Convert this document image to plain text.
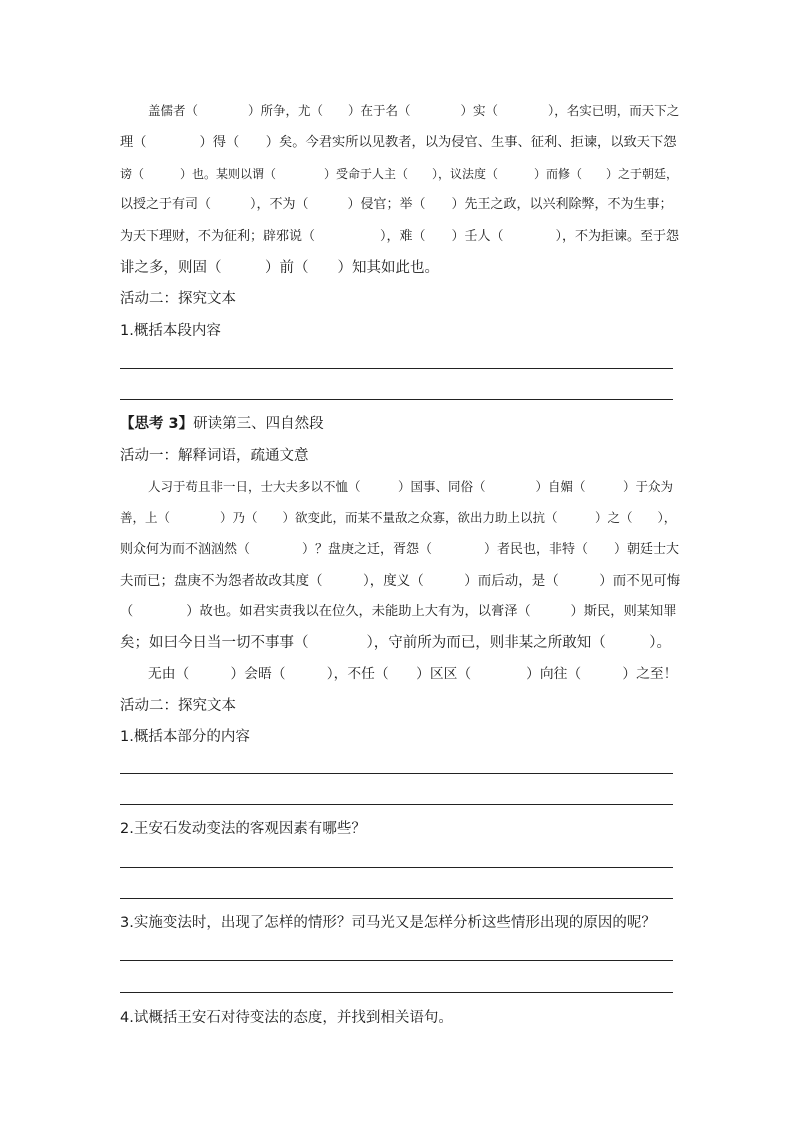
盖儒者（　　　　）所争，尤（　　）在于名（　　　　）实（　　　　），名实已明，而天下之
理（　　　　）得（　　）矣。今君实所以见教者，以为侵官、生事、征利、拒谏，以致天下怨
谤（　　　）也。某则以谓（　　　　）受命于人主（　　），议法度（　　　）而修（　　）之于朝廷，
以授之于有司（　　　），不为（　　　）侵官；举（　　）先王之政，以兴利除弊，不为生事；
为天下理财，不为征利；辟邪说（　　　　　），难（　　）壬人（　　　　），不为拒谏。至于怨
诽之多，则固（　　　）前（　　）知其如此也。
活动二：探究文本
1.概括本段内容
【思考 3】研读第三、四自然段
活动一：解释词语，疏通文意
人习于苟且非一日，士大夫多以不恤（　　　）国事、同俗（　　　　）自媚（　　　）于众为
善，上（　　　　）乃（　　）欲变此，而某不量敌之众寡，欲出力助上以抗（　　　）之（　　），
则众何为而不汹汹然（　　　　）？盘庚之迁，胥怨（　　　　）者民也，非特（　　）朝廷士大
夫而已；盘庚不为怨者故改其度（　　　），度义（　　　）而后动，是（　　　）而不见可悔
（　　　　）故也。如君实责我以在位久，未能助上大有为，以膏泽（　　　）斯民，则某知罪
矣；如曰今日当一切不事事（　　　　），守前所为而已，则非某之所敢知（　　　）。
无由（　　　）会晤（　　　），不任（　　）区区（　　　　）向往（　　　）之至！
活动二：探究文本
1.概括本部分的内容
2.王安石发动变法的客观因素有哪些？
3.实施变法时，出现了怎样的情形？司马光又是怎样分析这些情形出现的原因的呢？
4.试概括王安石对待变法的态度，并找到相关语句。
